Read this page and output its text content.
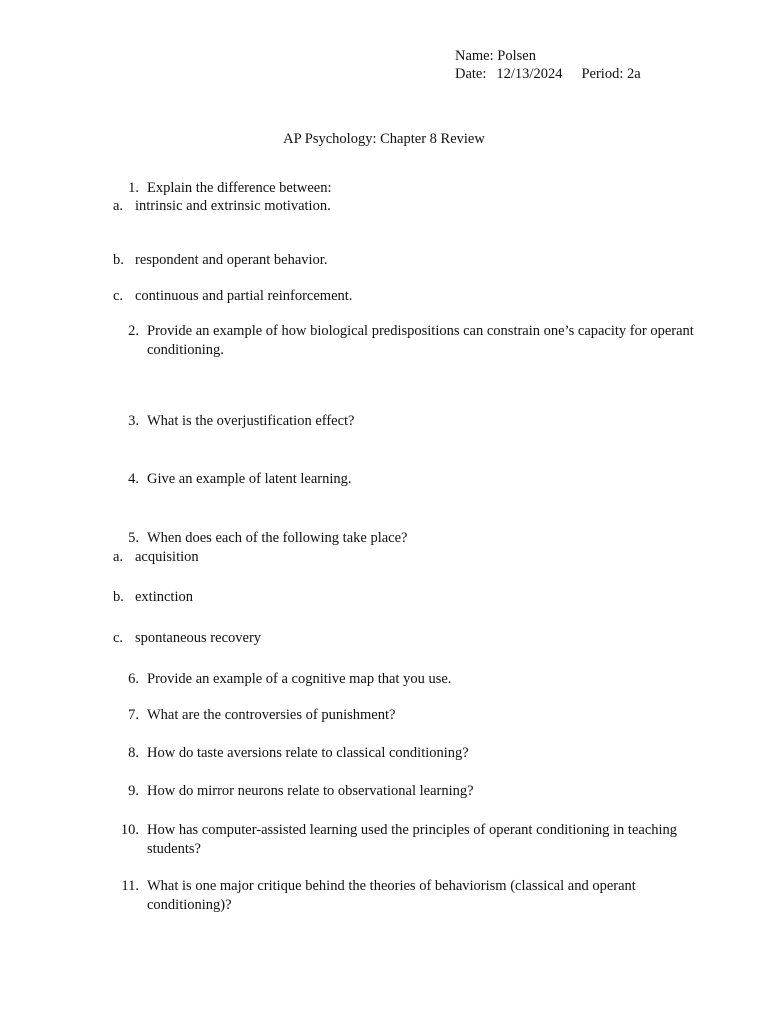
Name: Polsen
Date: 12/13/2024 Period: 2a
AP Psychology: Chapter 8 Review
1. Explain the difference between:
a. intrinsic and extrinsic motivation.
b. respondent and operant behavior.
c. continuous and partial reinforcement.
2. Provide an example of how biological predispositions can constrain one’s capacity for operant conditioning.
3. What is the overjustification effect?
4. Give an example of latent learning.
5. When does each of the following take place?
a. acquisition
b. extinction
c. spontaneous recovery
6. Provide an example of a cognitive map that you use.
7. What are the controversies of punishment?
8. How do taste aversions relate to classical conditioning?
9. How do mirror neurons relate to observational learning?
10. How has computer-assisted learning used the principles of operant conditioning in teaching students?
11. What is one major critique behind the theories of behaviorism (classical and operant conditioning)?
